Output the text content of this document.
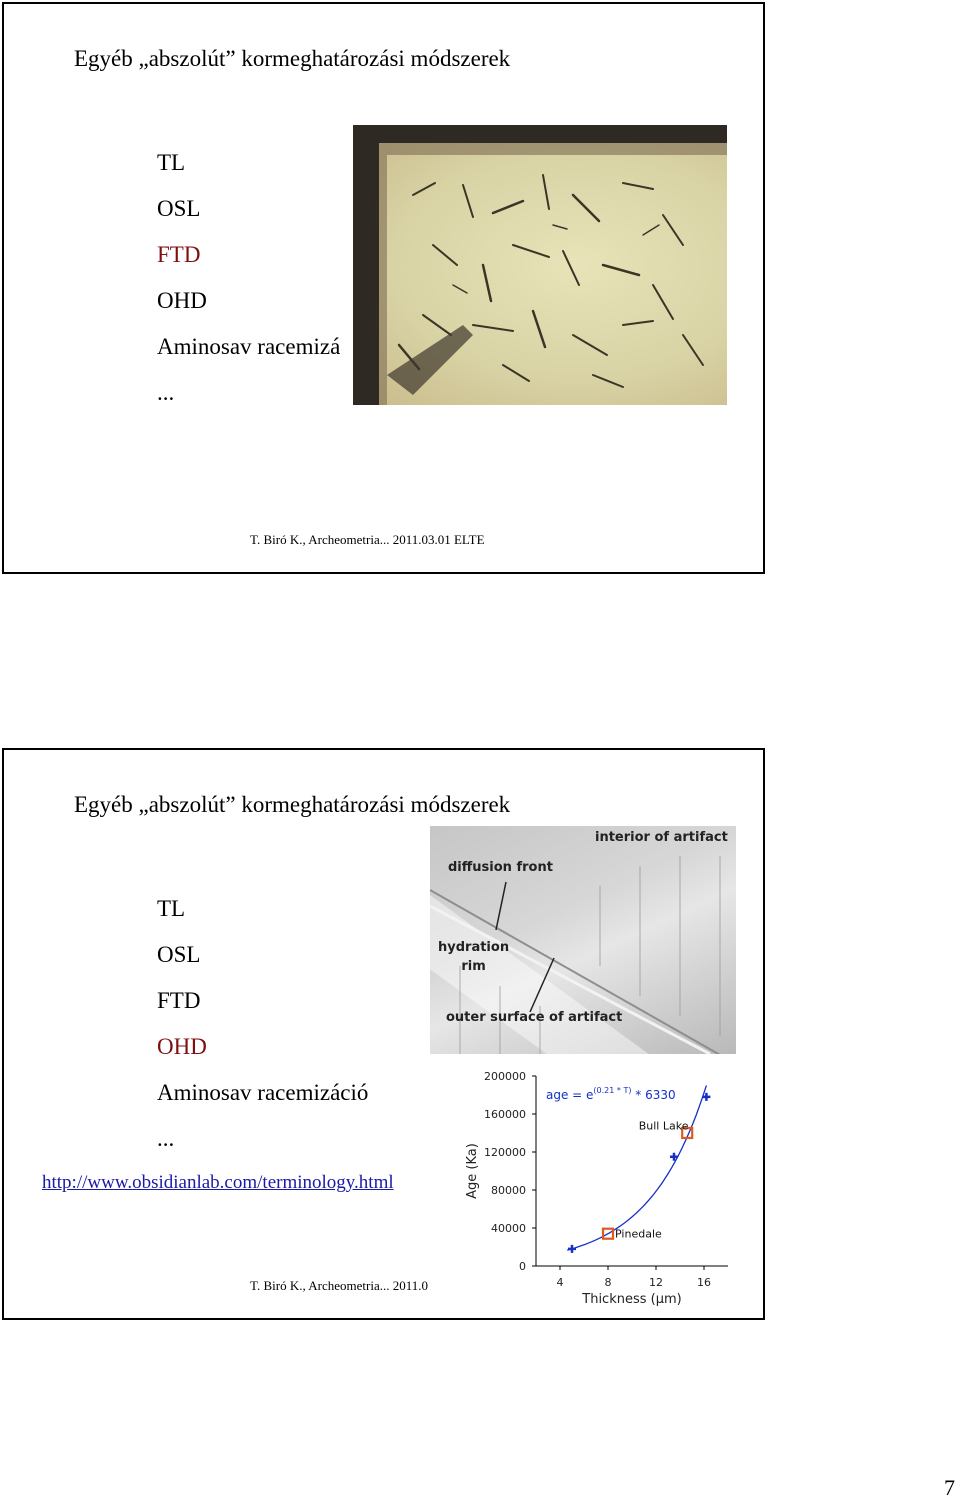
Egyéb „abszolút” kormeghatározási módszerek
TL
OSL
FTD
OHD
Aminosav racemizá
...
T. Biró K., Archeometria... 2011.03.01 ELTE
Egyéb „abszolút” kormeghatározási módszerek
interior of artifact
diffusion front
hydration
rim
outer surface of artifact
TL
OSL
FTD
OHD
Aminosav racemizáció
...
http://www.obsidianlab.com/terminology.html
0
40000
80000
120000
160000
200000
4	8	12	16
Thickness (µm)
Age (Ka)
age = $e^{(0.21 * T)} * 6330$
Bull Lake
Pinedale
T. Biró K., Archeometria... 2011.0
7
